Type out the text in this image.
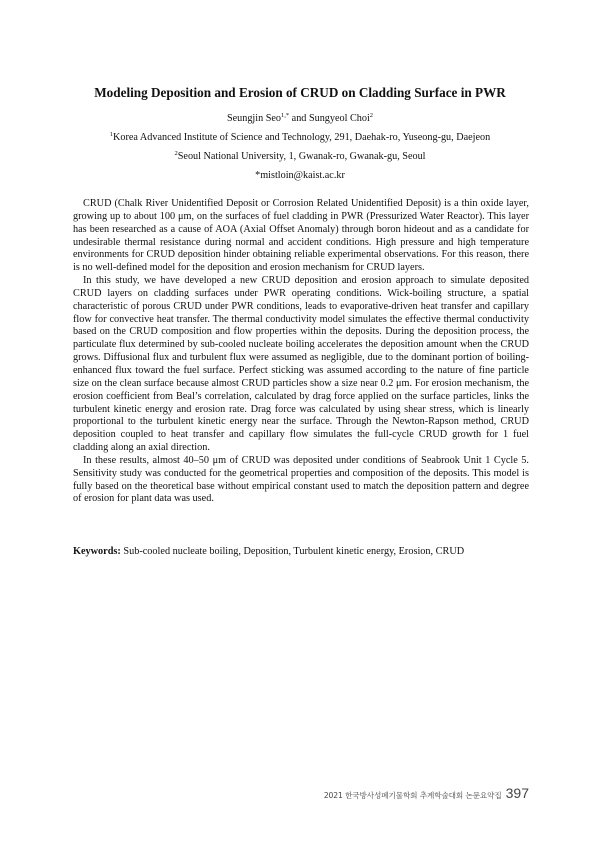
Modeling Deposition and Erosion of CRUD on Cladding Surface in PWR
Seungjin Seo$^{1,*}$ and Sungyeol Choi$^2$
$^1$Korea Advanced Institute of Science and Technology, 291, Daehak-ro, Yuseong-gu, Daejeon
$^2$Seoul National University, 1, Gwanak-ro, Gwanak-gu, Seoul
*mistloin@kaist.ac.kr

CRUD (Chalk River Unidentified Deposit or Corrosion Related Unidentified Deposit) is a thin oxide layer, growing up to about 100 μm, on the surfaces of fuel cladding in PWR (Pressurized Water Reactor). This layer has been researched as a cause of AOA (Axial Offset Anomaly) through boron hideout and as a candidate for undesirable thermal resistance during normal and accident conditions. High pressure and high temperature environments for CRUD deposition hinder obtaining reliable experimental observations. For this reason, there is no well-defined model for the deposition and erosion mechanism for CRUD layers.

In this study, we have developed a new CRUD deposition and erosion approach to simulate deposited CRUD layers on cladding surfaces under PWR operating conditions. Wick-boiling structure, a spatial characteristic of porous CRUD under PWR conditions, leads to evaporative-driven heat transfer and capillary flow for convective heat transfer. The thermal conductivity model simulates the effective thermal conductivity based on the CRUD composition and flow properties within the deposits. During the deposition process, the particulate flux determined by sub-cooled nucleate boiling accelerates the deposition amount when the CRUD grows. Diffusional flux and turbulent flux were assumed as negligible, due to the dominant portion of boiling-enhanced flux toward the fuel surface. Perfect sticking was assumed according to the nature of fine particle size on the clean surface because almost CRUD particles show a size near 0.2 μm. For erosion mechanism, the erosion coefficient from Beal’s correlation, calculated by drag force applied on the surface particles, links the turbulent kinetic energy and erosion rate. Drag force was calculated by using shear stress, which is linearly proportional to the turbulent kinetic energy near the surface. Through the Newton-Rapson method, CRUD deposition coupled to heat transfer and capillary flow simulates the full-cycle CRUD growth for 1 fuel cladding along an axial direction.

In these results, almost 40–50 μm of CRUD was deposited under conditions of Seabrook Unit 1 Cycle 5. Sensitivity study was conducted for the geometrical properties and composition of the deposits. This model is fully based on the theoretical base without empirical constant used to match the deposition pattern and degree of erosion for plant data was used.

Keywords: Sub-cooled nucleate boiling, Deposition, Turbulent kinetic energy, Erosion, CRUD
2021 한국방사성폐기물학회 추계학술대회 논문요약집 397
